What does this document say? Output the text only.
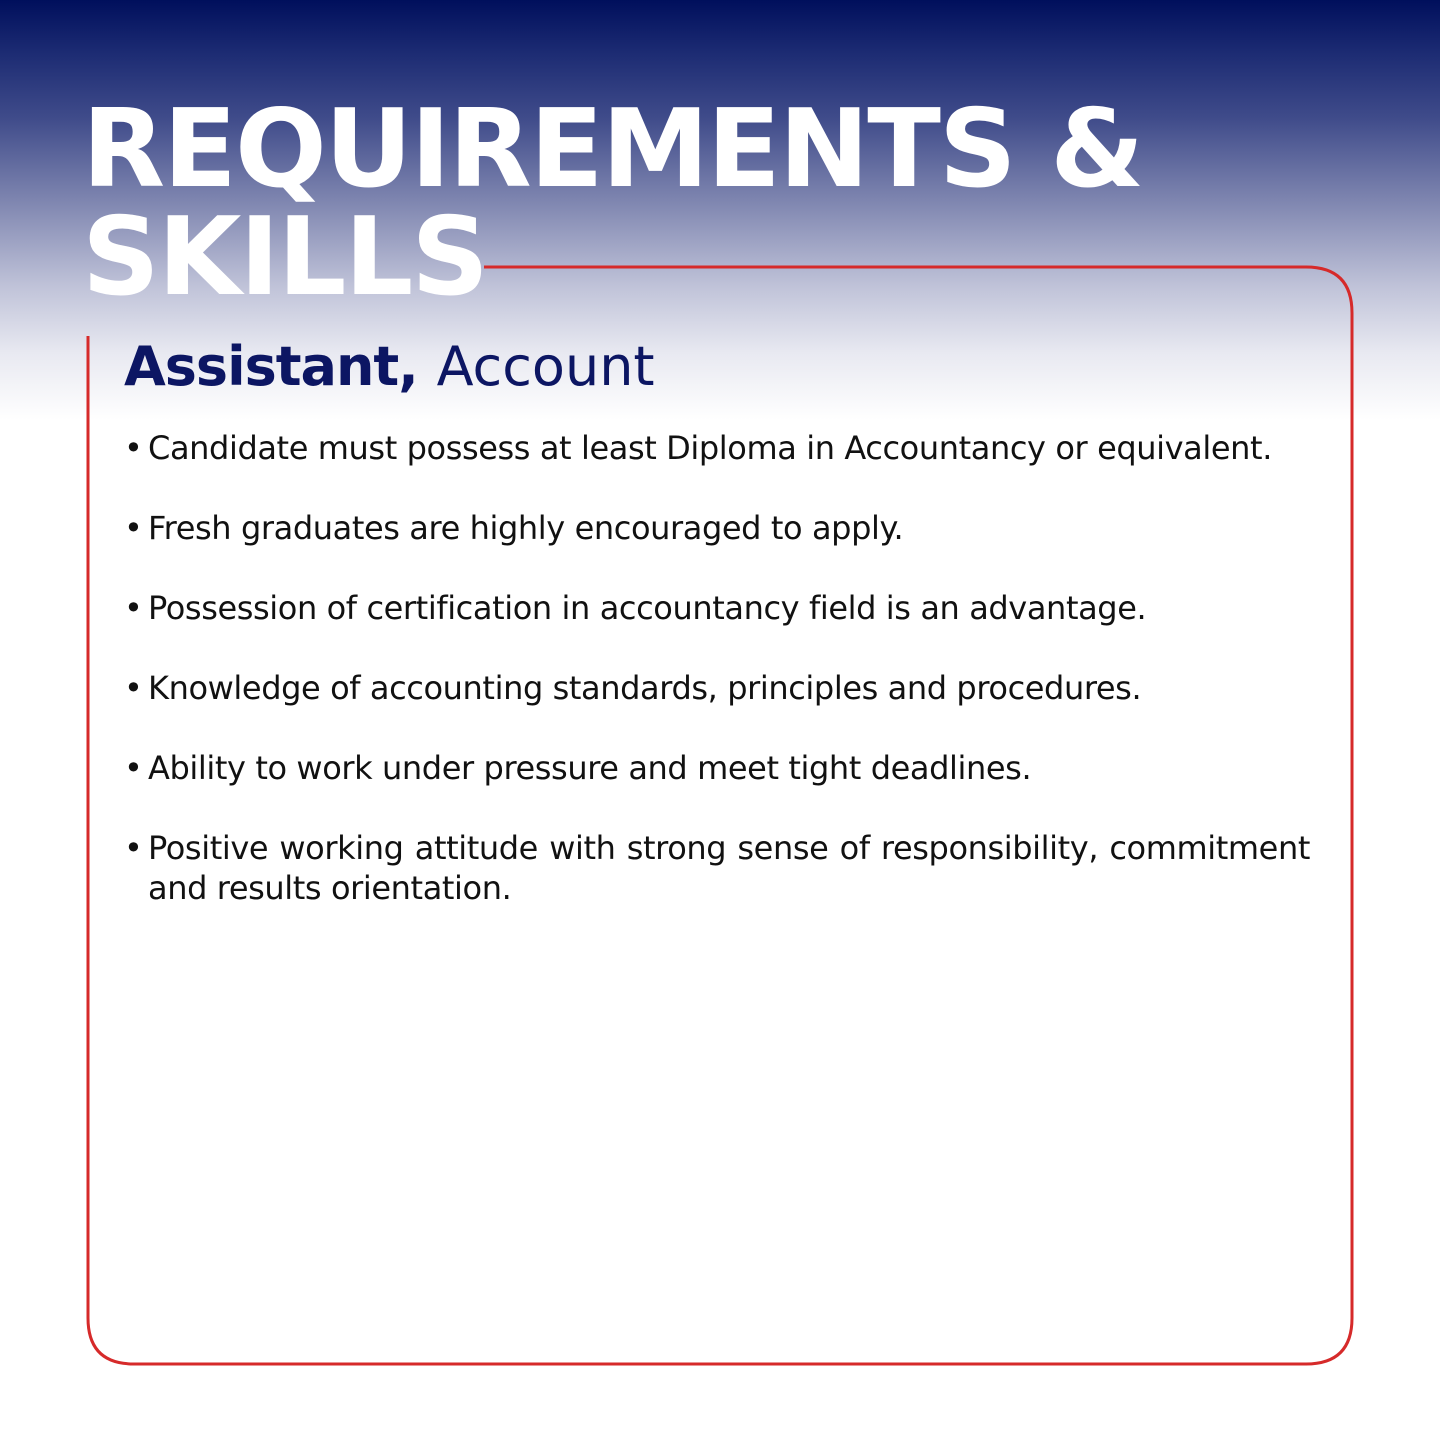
REQUIREMENTS &
SKILLS
Assistant, Account
• Candidate must possess at least Diploma in Accountancy or equivalent.
• Fresh graduates are highly encouraged to apply.
• Possession of certification in accountancy field is an advantage.
• Knowledge of accounting standards, principles and procedures.
• Ability to work under pressure and meet tight deadlines.
• Positive working attitude with strong sense of responsibility, commitment and results orientation.
